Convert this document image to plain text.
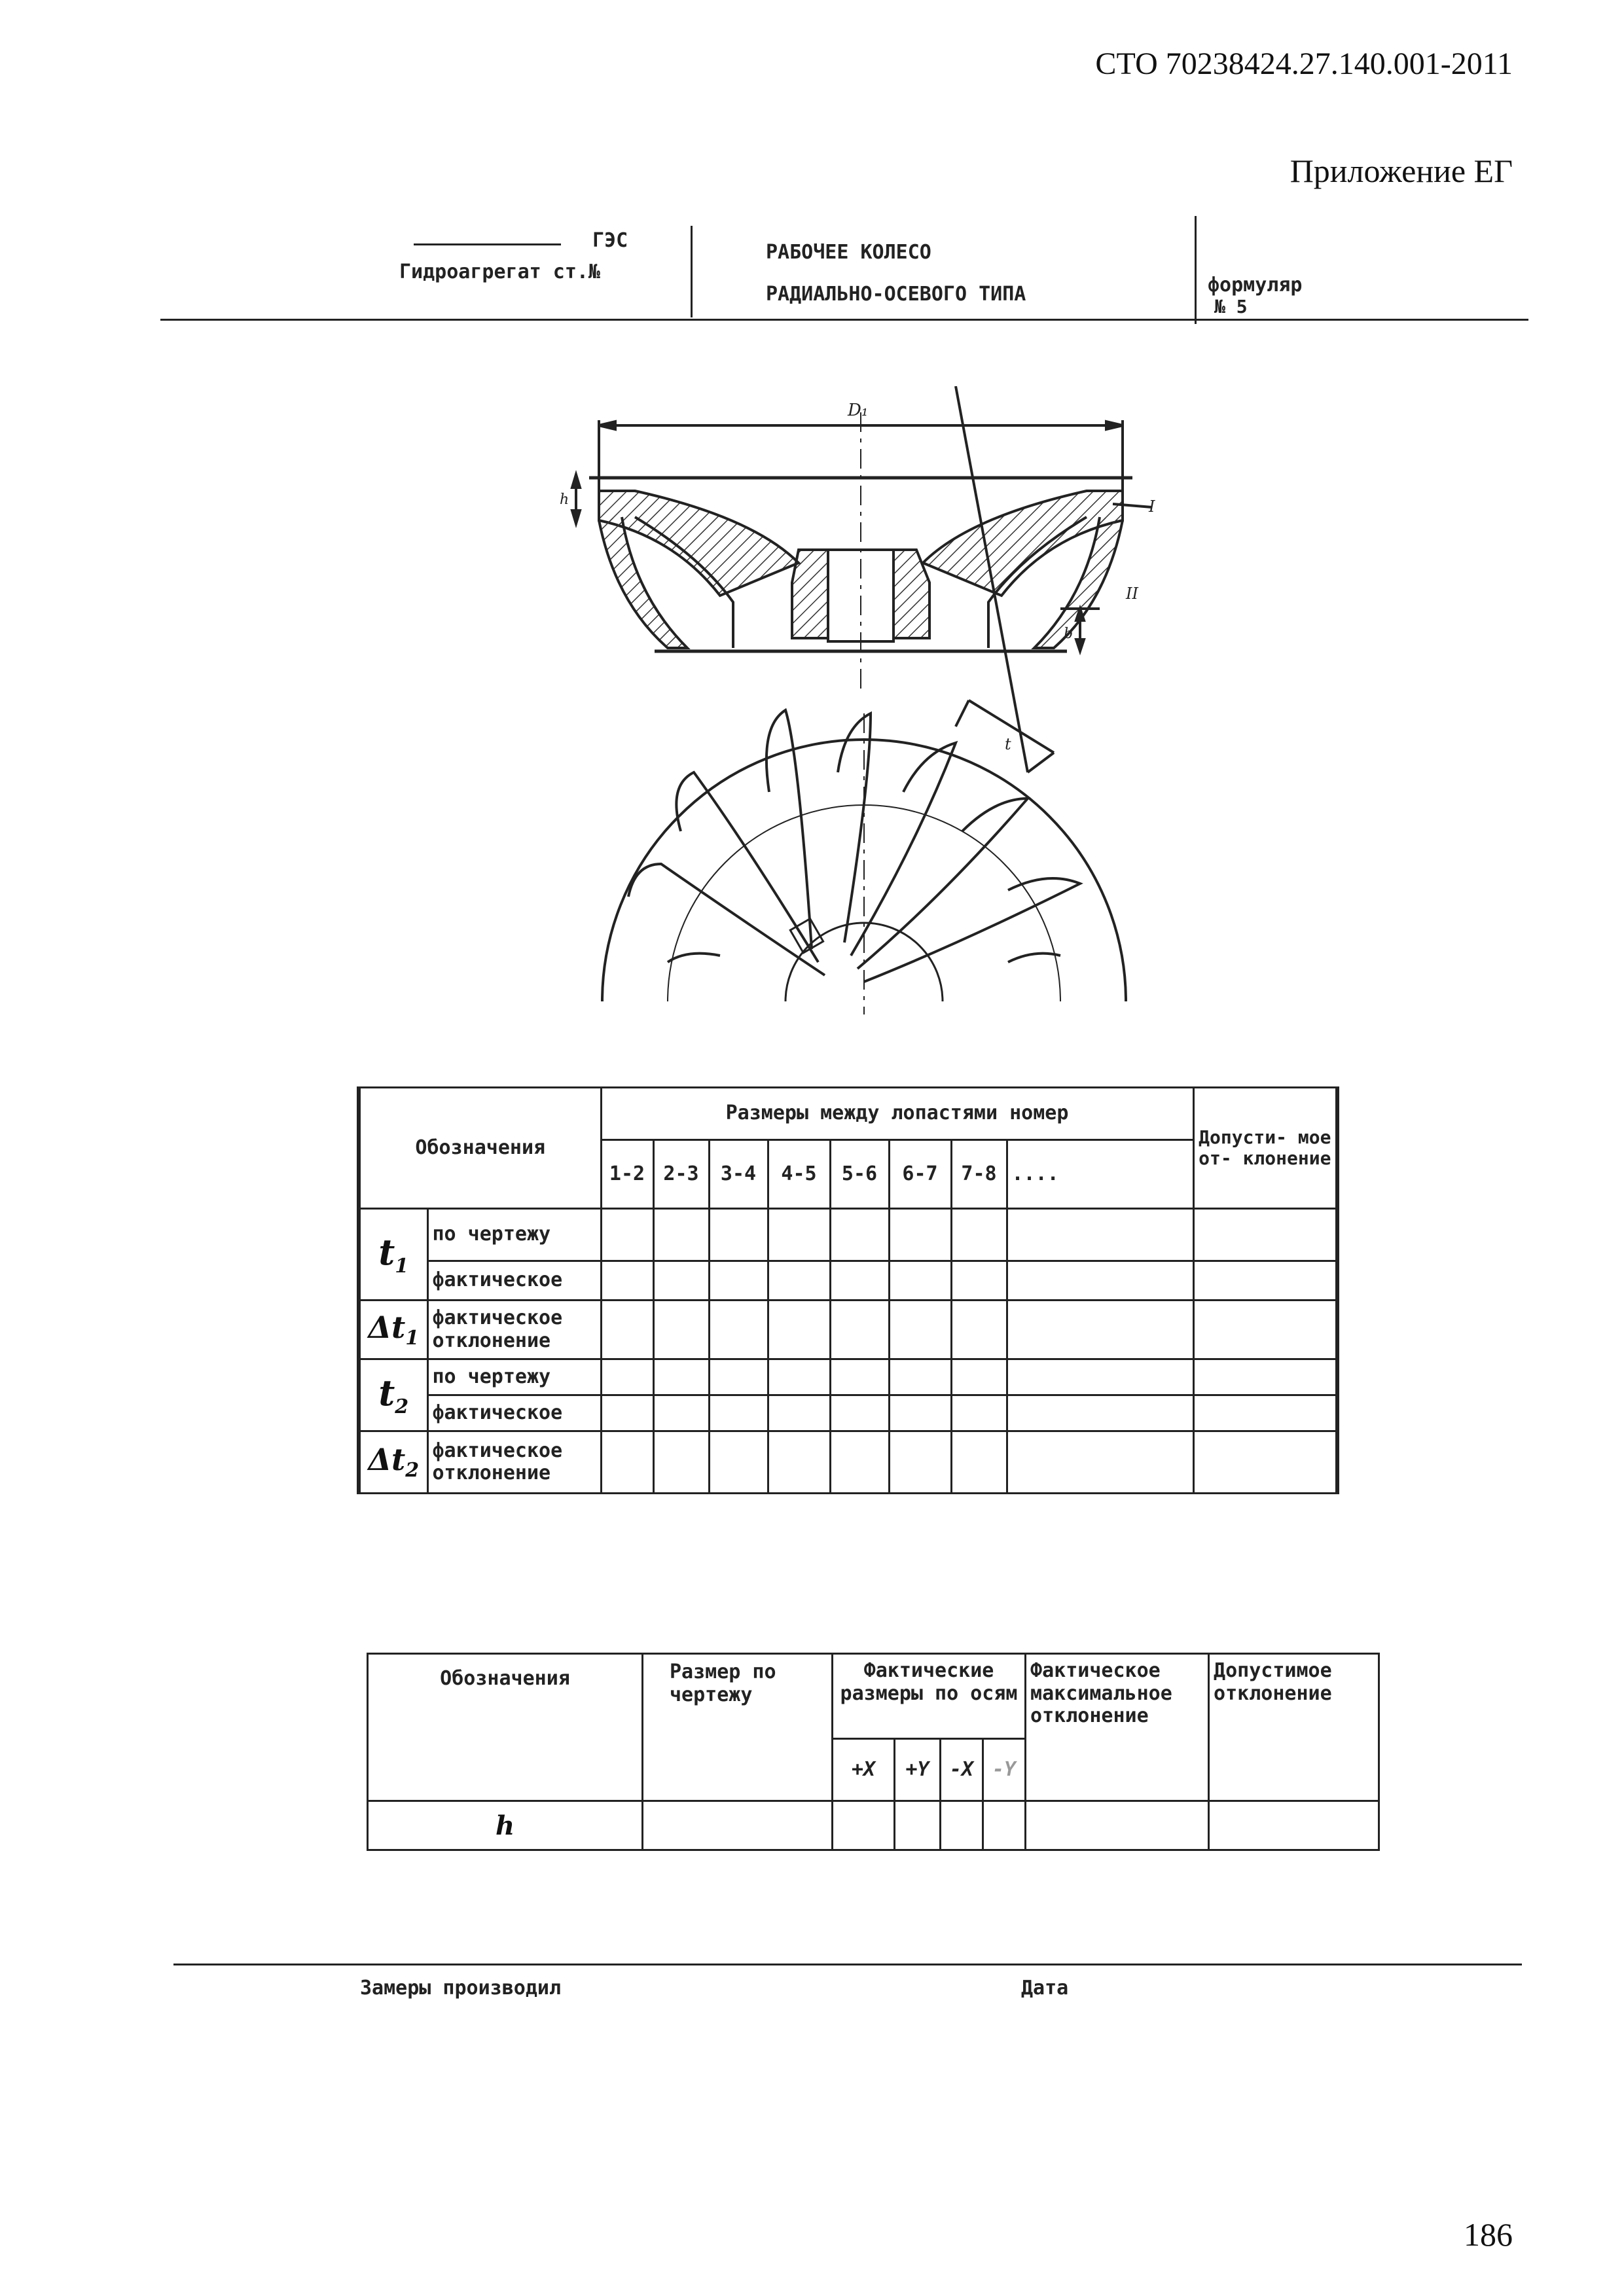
СТО 70238424.27.140.001-2011
Приложение ЕГ
ГЭС
Гидроагрегат ст.№
РАБОЧЕЕ КОЛЕСО
РАДИАЛЬНО-ОСЕВОГО ТИПА	формуляр
№ 5
D₁
h
II
I
b
t
Обозначения		Размеры между лопастями номер								Допусти- мое от- клонение
		1-2	2-3	3-4	4-5	5-6	6-7	7-8	....	
$t_1$	по чертежу									
	фактическое									
$\Delta t_1$	фактическое отклонение									
$t_2$	по чертежу									
	фактическое									
$\Delta t_2$	фактическое отклонение									
Обозначения	Размер по чертежу	Фактические размеры по осям				Фактическое максимальное отклонение	Допустимое отклонение
		+X	+Y	-X	-Y		
h							
Замеры производил	Дата
186
